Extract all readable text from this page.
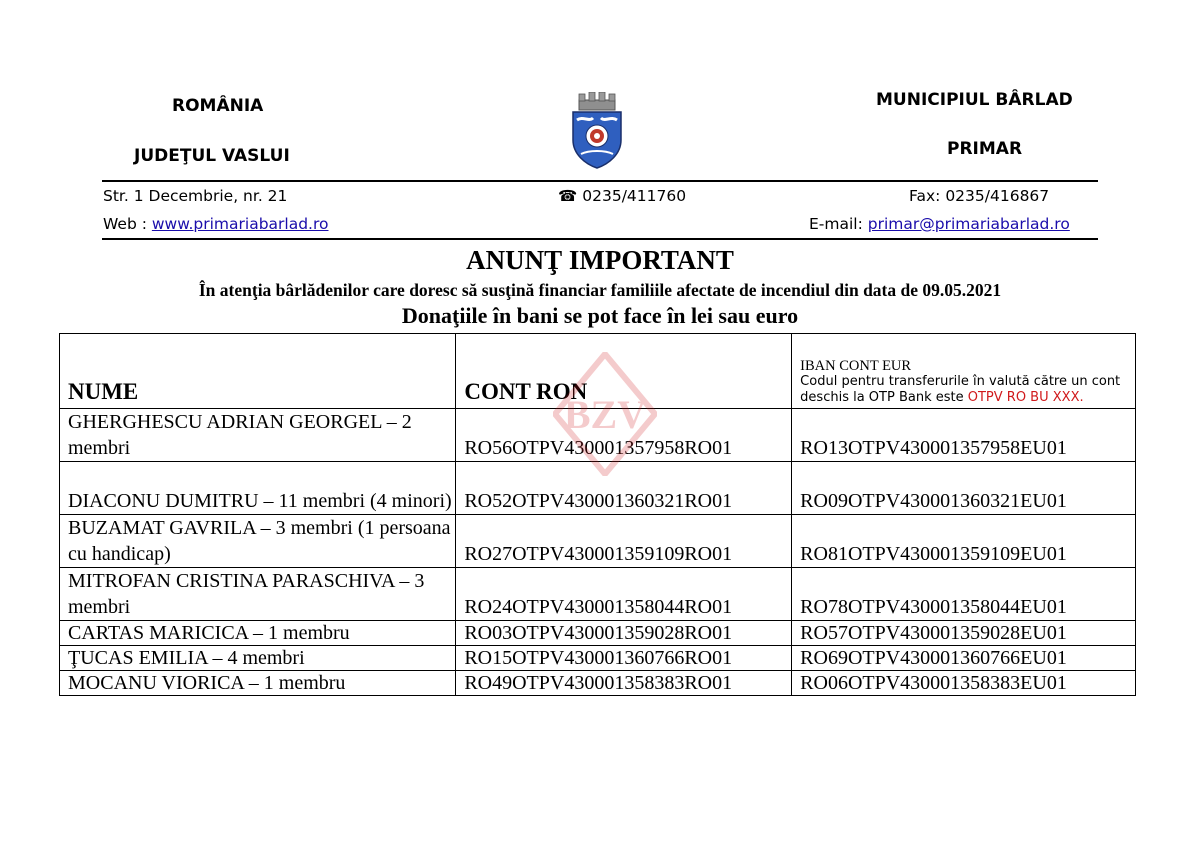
ROMÂNIA
JUDEŢUL VASLUI
MUNICIPIUL BÂRLAD
PRIMAR
Str. 1 Decembrie, nr. 21	☎ 0235/411760	Fax: 0235/416867
Web : www.primariabarlad.ro	E-mail: primar@primariabarlad.ro
ANUNŢ IMPORTANT
În atenţia bârlădenilor care doresc să susţină financiar familiile afectate de incendiul din data de 09.05.2021
Donaţiile în bani se pot face în lei sau euro
NUME	CONT RON	IBAN CONT EUR
Codul pentru transferurile în valută către un cont deschis la OTP Bank este OTPV RO BU XXX.

GHERGHESCU ADRIAN GEORGEL – 2 membri	RO56OTPV430001357958RO01	RO13OTPV430001357958EU01
DIACONU DUMITRU – 11 membri (4 minori)	RO52OTPV430001360321RO01	RO09OTPV430001360321EU01
BUZAMAT GAVRILA – 3 membri (1 persoana cu handicap)	RO27OTPV430001359109RO01	RO81OTPV430001359109EU01
MITROFAN CRISTINA PARASCHIVA – 3 membri	RO24OTPV430001358044RO01	RO78OTPV430001358044EU01
CARTAS MARICICA – 1 membru	RO03OTPV430001359028RO01	RO57OTPV430001359028EU01
ŢUCAS EMILIA – 4 membri	RO15OTPV430001360766RO01	RO69OTPV430001360766EU01
MOCANU VIORICA – 1 membru	RO49OTPV430001358383RO01	RO06OTPV430001358383EU01
BZV
